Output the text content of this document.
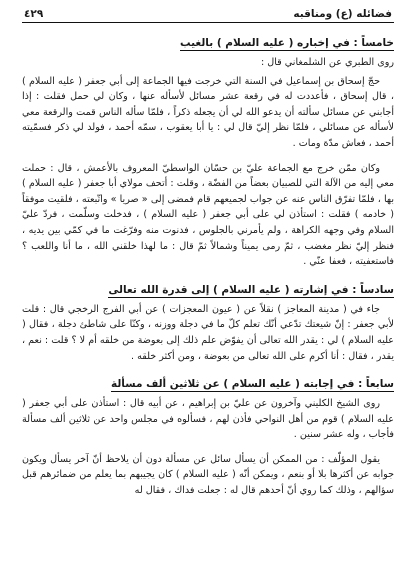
فضائله (ع) ومناقبه
٤٢٩
خامساً : في إخباره ( عليه السلام ) بالغيب

روى الطبري عن الشلمغاني قال :

حجّ إسحاق بن إسماعيل في السنة التي خرجت فيها الجماعة إلى أبي جعفر ( عليه السلام ) ، قال إسحاق ، فأعددت له في رقعة عشر مسائل لأسأله عنها ، وكان لي حمل فقلت : إذا أجابني عن مسائل سألته أن يدعو الله لي أن يجعله ذكراً ، فلمّا سأله الناس قمت والرقعة معي لأسأله عن مسائلي ، فلمّا نظر إليّ قال لي : يا أبا يعقوب ، سمّه أحمد ، فولد لي ذكر فسمّيته أحمد ، فعاش مدّة ومات .

وكان ممّن خرج مع الجماعة عليّ بن حسّان الواسطيّ المعروف بالأعمش ، قال : حملت معي إليه من الآلة التي للصبيان بعضاً من الفضّة ، وقلت : أتحف مولاي أبا جعفر ( عليه السلام ) بها ، فلمّا تفرّق الناس عنه عن جواب لجميعهم قام فمضى إلى « صريا » واتّبعته ، فلقيت موفقاً ( خادمه ) فقلت : استأذن لي على أبي جعفر ( عليه السلام ) ، فدخلت وسلّمت ، فردّ عليّ السلام وفي وجهه الكراهة ، ولم يأمرني بالجلوس ، فدنوت منه وفرّغت ما في كمّي بين يديه ، فنظر إليّ نظر مغضب ، ثمّ رمى يميناً وشمالاً ثمّ قال : ما لهذا خلقني الله ، ما أنا واللعب ؟ فاستعفيته ، فعفا عنّي .

سادساً : في إشارته ( عليه السلام ) إلى قدرة الله تعالى

جاء في ( مدينة المعاجز ) نقلاً عن ( عيون المعجزات ) عن أبي الفرج الرخجي قال : قلت لأبي جعفر : إنّ شيعتك تدّعي أنّك تعلم كلّ ما في دجلة ووزنه ، وكنّا على شاطئ دجلة ، فقال ( عليه السلام ) لي : يقدر الله تعالى أن يفوّض علم ذلك إلى بعوضة من خلقه أم لا ؟ قلت : نعم ، يقدر ، فقال : أنا أكرم على الله تعالى من بعوضة ، ومن أكثر خلقه .

سابعاً : في إجابته ( عليه السلام ) عن ثلاثين ألف مسألة

روى الشيخ الكليني وآخرون عن عليّ بن إبراهيم ، عن أبيه قال : استأذن على أبي جعفر ( عليه السلام ) قوم من أهل النواحي فأذن لهم ، فسألوه في مجلس واحد عن ثلاثين ألف مسألة فأجاب ، وله عشر سنين .

يقول المؤلّف : من الممكن أن يسأل سائل عن مسألة دون أن يلاحظ أنّ آخر يسأل ويكون جوابه عن أكثرها بلا أو بنعم ، ويمكن أنّه ( عليه السلام ) كان يجيبهم بما يعلم من ضمائرهم قبل سؤالهم ، وذلك كما روي أنّ أحدهم قال له : جعلت فداك ، فقال له
